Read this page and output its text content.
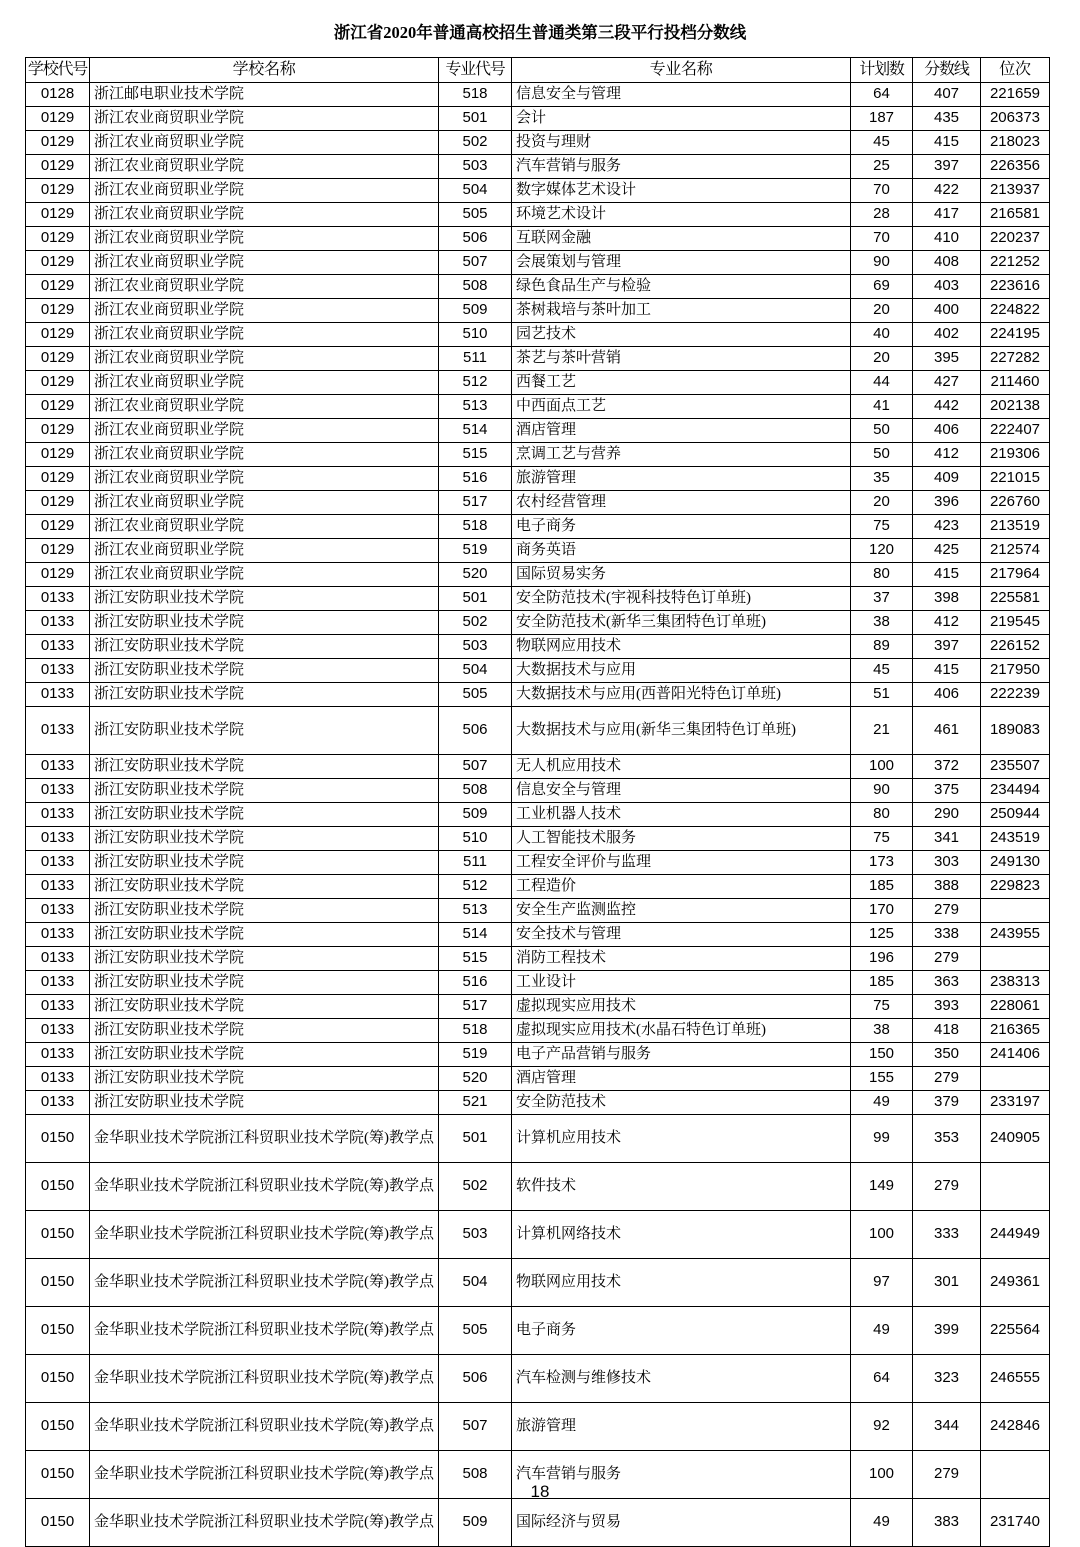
浙江省2020年普通高校招生普通类第三段平行投档分数线
学校代号	学校名称	专业代号	专业名称	计划数	分数线	位次
0128	浙江邮电职业技术学院	518	信息安全与管理	64	407	221659
0129	浙江农业商贸职业学院	501	会计	187	435	206373
0129	浙江农业商贸职业学院	502	投资与理财	45	415	218023
0129	浙江农业商贸职业学院	503	汽车营销与服务	25	397	226356
0129	浙江农业商贸职业学院	504	数字媒体艺术设计	70	422	213937
0129	浙江农业商贸职业学院	505	环境艺术设计	28	417	216581
0129	浙江农业商贸职业学院	506	互联网金融	70	410	220237
0129	浙江农业商贸职业学院	507	会展策划与管理	90	408	221252
0129	浙江农业商贸职业学院	508	绿色食品生产与检验	69	403	223616
0129	浙江农业商贸职业学院	509	茶树栽培与茶叶加工	20	400	224822
0129	浙江农业商贸职业学院	510	园艺技术	40	402	224195
0129	浙江农业商贸职业学院	511	茶艺与茶叶营销	20	395	227282
0129	浙江农业商贸职业学院	512	西餐工艺	44	427	211460
0129	浙江农业商贸职业学院	513	中西面点工艺	41	442	202138
0129	浙江农业商贸职业学院	514	酒店管理	50	406	222407
0129	浙江农业商贸职业学院	515	烹调工艺与营养	50	412	219306
0129	浙江农业商贸职业学院	516	旅游管理	35	409	221015
0129	浙江农业商贸职业学院	517	农村经营管理	20	396	226760
0129	浙江农业商贸职业学院	518	电子商务	75	423	213519
0129	浙江农业商贸职业学院	519	商务英语	120	425	212574
0129	浙江农业商贸职业学院	520	国际贸易实务	80	415	217964
0133	浙江安防职业技术学院	501	安全防范技术(宇视科技特色订单班)	37	398	225581
0133	浙江安防职业技术学院	502	安全防范技术(新华三集团特色订单班)	38	412	219545
0133	浙江安防职业技术学院	503	物联网应用技术	89	397	226152
0133	浙江安防职业技术学院	504	大数据技术与应用	45	415	217950
0133	浙江安防职业技术学院	505	大数据技术与应用(西普阳光特色订单班)	51	406	222239
0133	浙江安防职业技术学院	506	大数据技术与应用(新华三集团特色订单班)	21	461	189083
0133	浙江安防职业技术学院	507	无人机应用技术	100	372	235507
0133	浙江安防职业技术学院	508	信息安全与管理	90	375	234494
0133	浙江安防职业技术学院	509	工业机器人技术	80	290	250944
0133	浙江安防职业技术学院	510	人工智能技术服务	75	341	243519
0133	浙江安防职业技术学院	511	工程安全评价与监理	173	303	249130
0133	浙江安防职业技术学院	512	工程造价	185	388	229823
0133	浙江安防职业技术学院	513	安全生产监测监控	170	279	
0133	浙江安防职业技术学院	514	安全技术与管理	125	338	243955
0133	浙江安防职业技术学院	515	消防工程技术	196	279	
0133	浙江安防职业技术学院	516	工业设计	185	363	238313
0133	浙江安防职业技术学院	517	虚拟现实应用技术	75	393	228061
0133	浙江安防职业技术学院	518	虚拟现实应用技术(水晶石特色订单班)	38	418	216365
0133	浙江安防职业技术学院	519	电子产品营销与服务	150	350	241406
0133	浙江安防职业技术学院	520	酒店管理	155	279	
0133	浙江安防职业技术学院	521	安全防范技术	49	379	233197
0150	金华职业技术学院浙江科贸职业技术学院(筹)教学点	501	计算机应用技术	99	353	240905
0150	金华职业技术学院浙江科贸职业技术学院(筹)教学点	502	软件技术	149	279	
0150	金华职业技术学院浙江科贸职业技术学院(筹)教学点	503	计算机网络技术	100	333	244949
0150	金华职业技术学院浙江科贸职业技术学院(筹)教学点	504	物联网应用技术	97	301	249361
0150	金华职业技术学院浙江科贸职业技术学院(筹)教学点	505	电子商务	49	399	225564
0150	金华职业技术学院浙江科贸职业技术学院(筹)教学点	506	汽车检测与维修技术	64	323	246555
0150	金华职业技术学院浙江科贸职业技术学院(筹)教学点	507	旅游管理	92	344	242846
0150	金华职业技术学院浙江科贸职业技术学院(筹)教学点	508	汽车营销与服务	100	279	
0150	金华职业技术学院浙江科贸职业技术学院(筹)教学点	509	国际经济与贸易	49	383	231740
18
